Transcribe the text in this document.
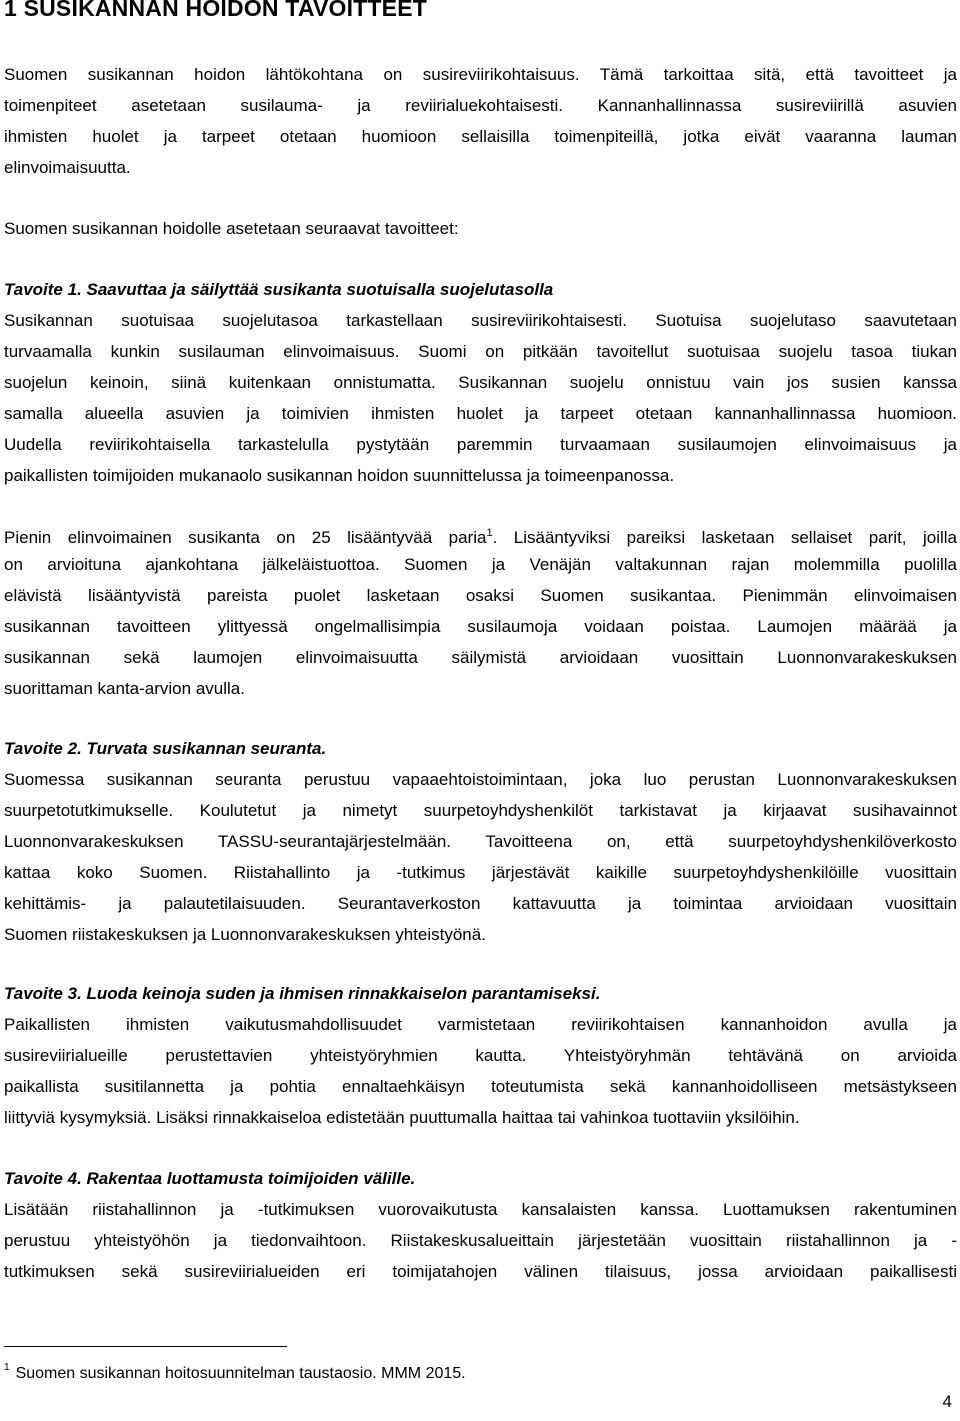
1 SUSIKANNAN HOIDON TAVOITTEET
Suomen susikannan hoidon lähtökohtana on susireviirikohtaisuus. Tämä tarkoittaa sitä, että tavoitteet ja
toimenpiteet asetetaan susilauma- ja reviirialuekohtaisesti. Kannanhallinnassa susireviirillä asuvien
ihmisten huolet ja tarpeet otetaan huomioon sellaisilla toimenpiteillä, jotka eivät vaaranna lauman
elinvoimaisuutta.
Suomen susikannan hoidolle asetetaan seuraavat tavoitteet:
Tavoite 1. Saavuttaa ja säilyttää susikanta suotuisalla suojelutasolla
Susikannan suotuisaa suojelutasoa tarkastellaan susireviirikohtaisesti. Suotuisa suojelutaso saavutetaan
turvaamalla kunkin susilauman elinvoimaisuus. Suomi on pitkään tavoitellut suotuisaa suojelu tasoa tiukan
suojelun keinoin, siinä kuitenkaan onnistumatta. Susikannan suojelu onnistuu vain jos susien kanssa
samalla alueella asuvien ja toimivien ihmisten huolet ja tarpeet otetaan kannanhallinnassa huomioon.
Uudella reviirikohtaisella tarkastelulla pystytään paremmin turvaamaan susilaumojen elinvoimaisuus ja
paikallisten toimijoiden mukanaolo susikannan hoidon suunnittelussa ja toimeenpanossa.
Pienin elinvoimainen susikanta on 25 lisääntyvää paria$^1$. Lisääntyviksi pareiksi lasketaan sellaiset parit, joilla
on arvioituna ajankohtana jälkeläistuottoa. Suomen ja Venäjän valtakunnan rajan molemmilla puolilla
elävistä lisääntyvistä pareista puolet lasketaan osaksi Suomen susikantaa. Pienimmän elinvoimaisen
susikannan tavoitteen ylittyessä ongelmallisimpia susilaumoja voidaan poistaa. Laumojen määrää ja
susikannan sekä laumojen elinvoimaisuutta säilymistä arvioidaan vuosittain Luonnonvarakeskuksen
suorittaman kanta-arvion avulla.
Tavoite 2. Turvata susikannan seuranta.
Suomessa susikannan seuranta perustuu vapaaehtoistoimintaan, joka luo perustan Luonnonvarakeskuksen
suurpetotutkimukselle. Koulutetut ja nimetyt suurpetoyhdyshenkilöt tarkistavat ja kirjaavat susihavainnot
Luonnonvarakeskuksen TASSU-seurantajärjestelmään. Tavoitteena on, että suurpetoyhdyshenkilöverkosto
kattaa koko Suomen. Riistahallinto ja -tutkimus järjestävät kaikille suurpetoyhdyshenkilöille vuosittain
kehittämis- ja palautetilaisuuden. Seurantaverkoston kattavuutta ja toimintaa arvioidaan vuosittain
Suomen riistakeskuksen ja Luonnonvarakeskuksen yhteistyönä.
Tavoite 3. Luoda keinoja suden ja ihmisen rinnakkaiselon parantamiseksi.
Paikallisten ihmisten vaikutusmahdollisuudet varmistetaan reviirikohtaisen kannanhoidon avulla ja
susireviirialueille perustettavien yhteistyöryhmien kautta. Yhteistyöryhmän tehtävänä on arvioida
paikallista susitilannetta ja pohtia ennaltaehkäisyn toteutumista sekä kannanhoidolliseen metsästykseen
liittyviä kysymyksiä. Lisäksi rinnakkaiseloa edistetään puuttumalla haittaa tai vahinkoa tuottaviin yksilöihin.
Tavoite 4. Rakentaa luottamusta toimijoiden välille.
Lisätään riistahallinnon ja -tutkimuksen vuorovaikutusta kansalaisten kanssa. Luottamuksen rakentuminen
perustuu yhteistyöhön ja tiedonvaihtoon. Riistakeskusalueittain järjestetään vuosittain riistahallinnon ja -
tutkimuksen sekä susireviirialueiden eri toimijatahojen välinen tilaisuus, jossa arvioidaan paikallisesti
$^1$ Suomen susikannan hoitosuunnitelman taustaosio. MMM 2015.
4
